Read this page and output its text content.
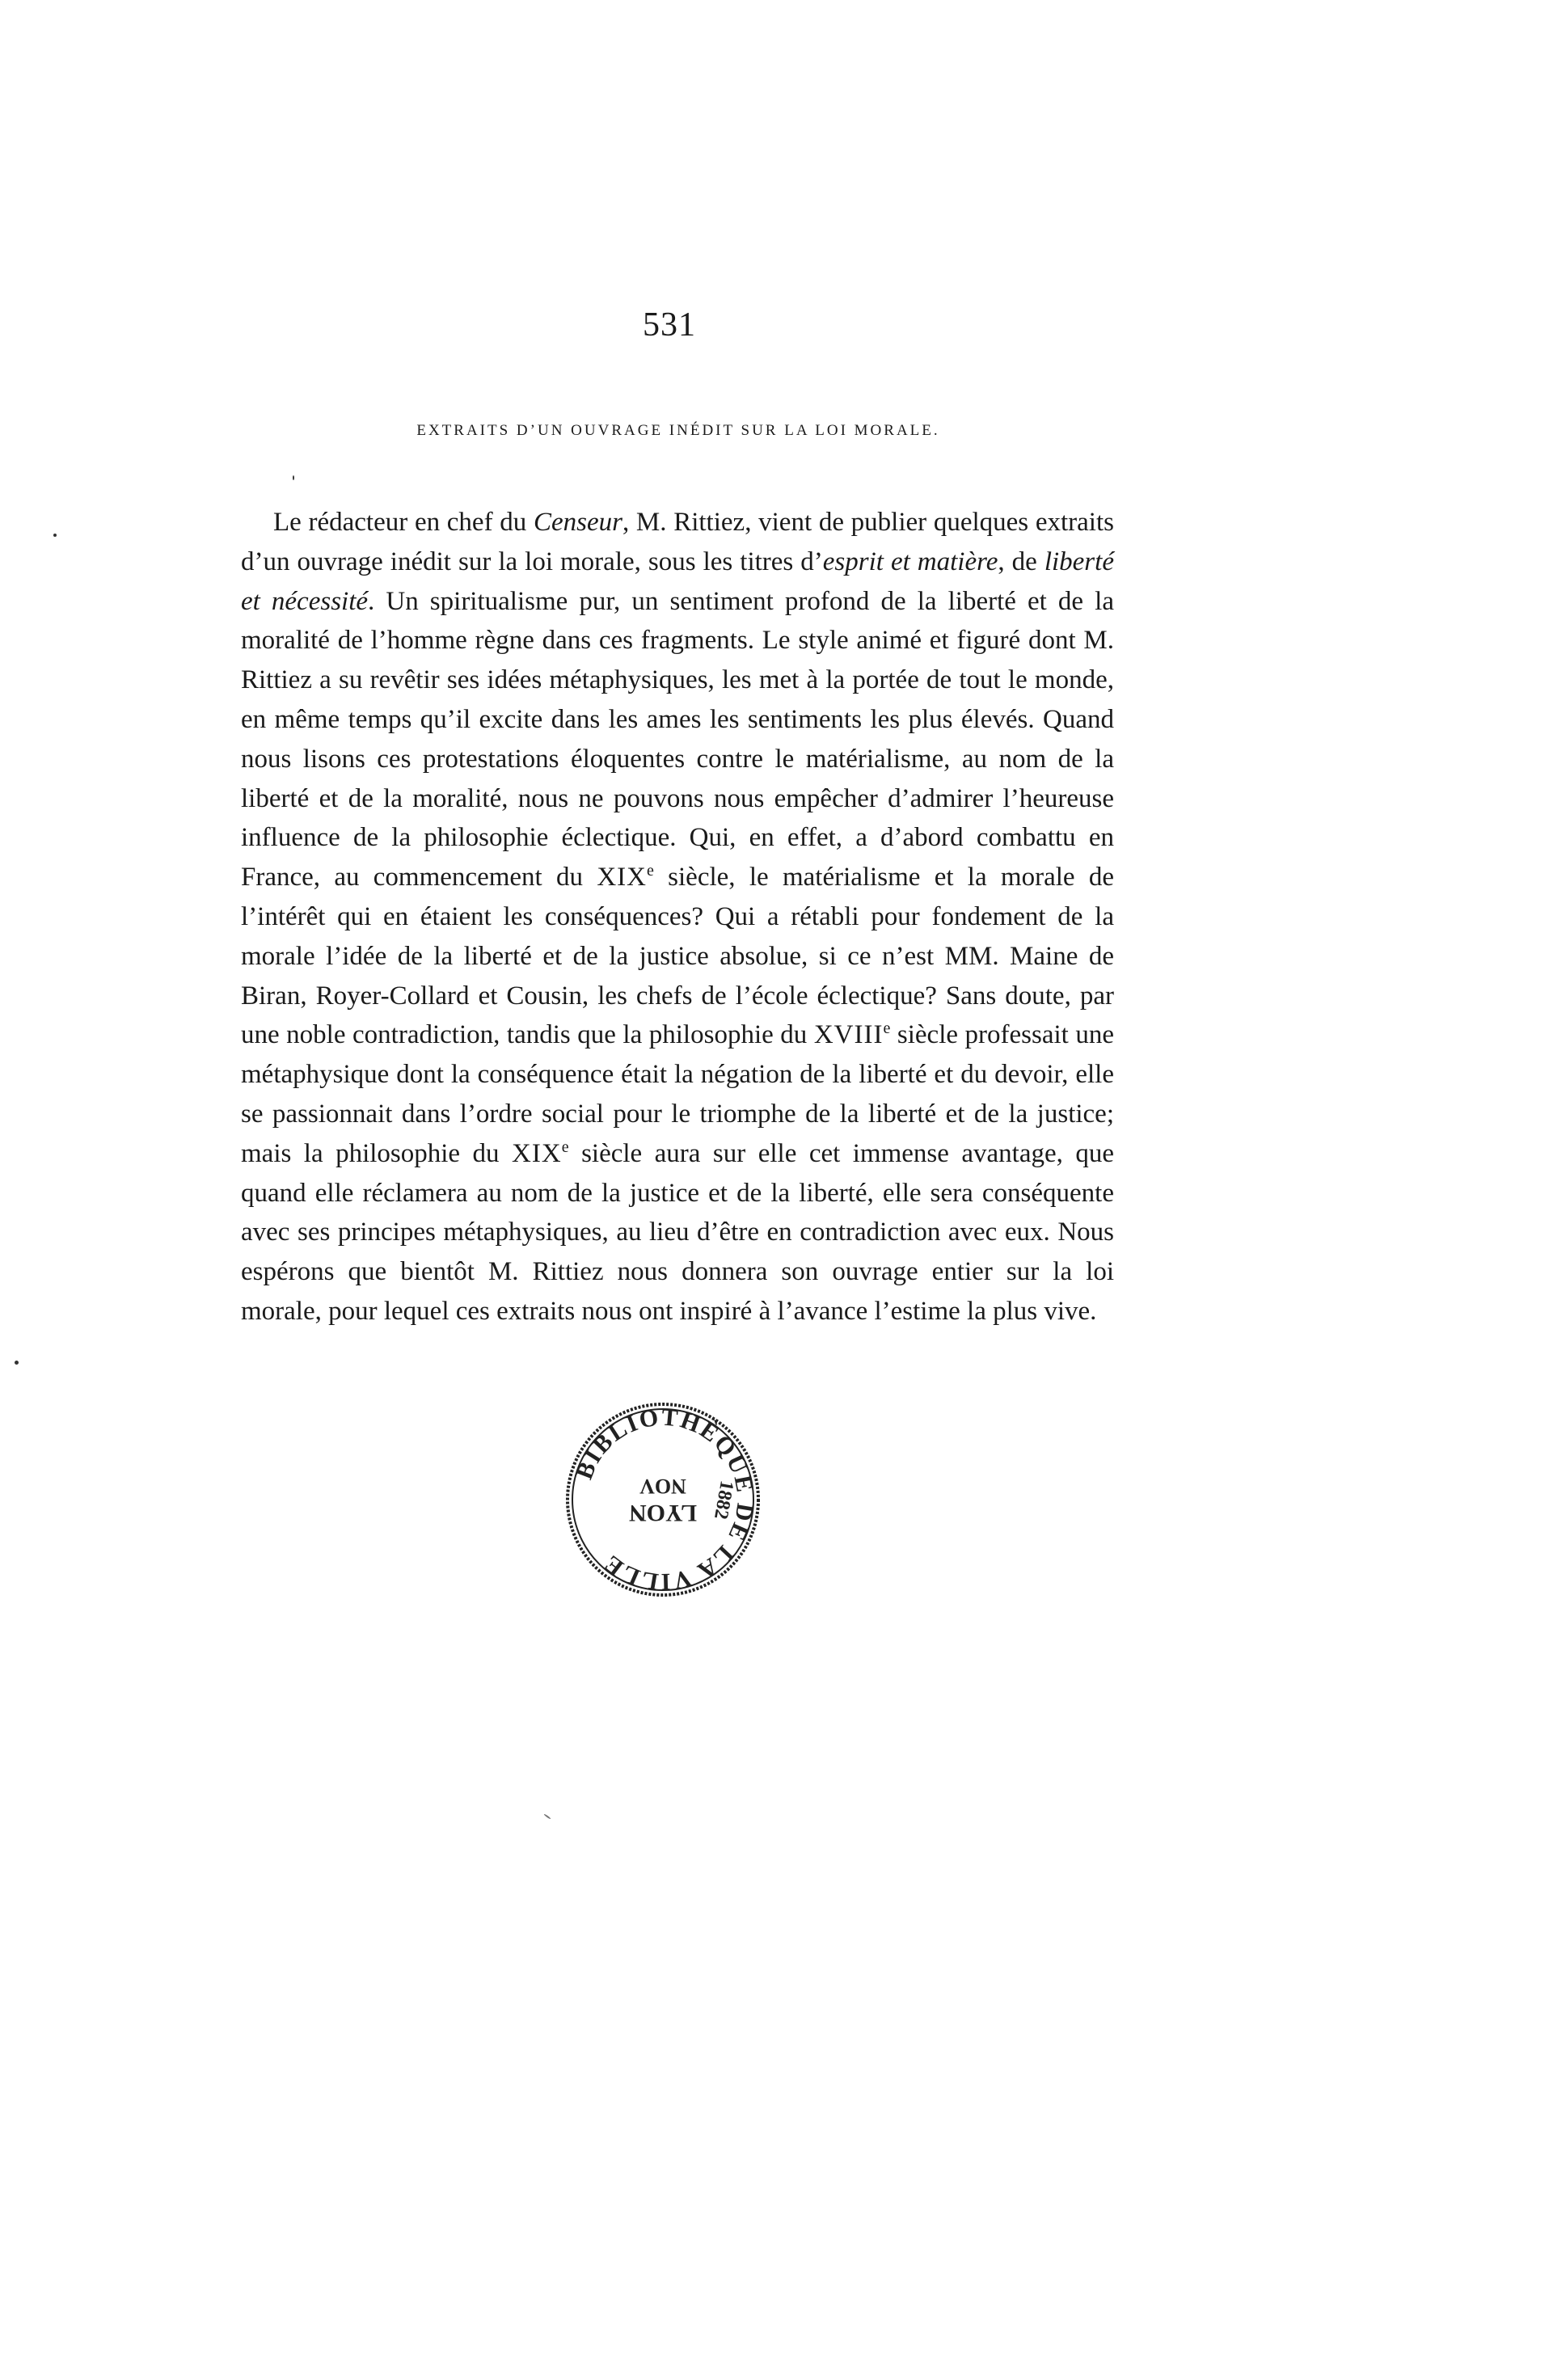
531
EXTRAITS D’UN OUVRAGE INÉDIT SUR LA LOI MORALE.

Le rédacteur en chef du Censeur, M. Rittiez, vient de publier quelques extraits d’un ouvrage inédit sur la loi morale, sous les titres d’esprit et matière, de liberté et nécessité. Un spiritualisme pur, un sentiment profond de la liberté et de la moralité de l’homme règne dans ces fragments. Le style animé et figuré dont M. Rittiez a su revêtir ses idées métaphysiques, les met à la portée de tout le monde, en même temps qu’il excite dans les ames les sentiments les plus élevés. Quand nous lisons ces protestations éloquentes contre le matérialisme, au nom de la liberté et de la moralité, nous ne pouvons nous empêcher d’admirer l’heureuse influence de la philosophie éclectique. Qui, en effet, a d’abord combattu en France, au commencement du XIXe siècle, le matérialisme et la morale de l’intérêt qui en étaient les conséquences? Qui a rétabli pour fondement de la morale l’idée de la liberté et de la justice absolue, si ce n’est MM. Maine de Biran, Royer-Collard et Cousin, les chefs de l’école éclectique? Sans doute, par une noble contradiction, tandis que la philosophie du XVIIIe siècle professait une métaphysique dont la conséquence était la négation de la liberté et du devoir, elle se passionnait dans l’ordre social pour le triomphe de la liberté et de la justice; mais la philosophie du XIXe siècle aura sur elle cet immense avantage, que quand elle réclamera au nom de la justice et de la liberté, elle sera conséquente avec ses principes métaphysiques, au lieu d’être en contradiction avec eux. Nous espérons que bientôt M. Rittiez nous donnera son ouvrage entier sur la loi morale, pour lequel ces extraits nous ont inspiré à l’avance l’estime la plus vive.

BIBLIOTHÈQUE DE LA VILLE
LYON
NOV 1882
